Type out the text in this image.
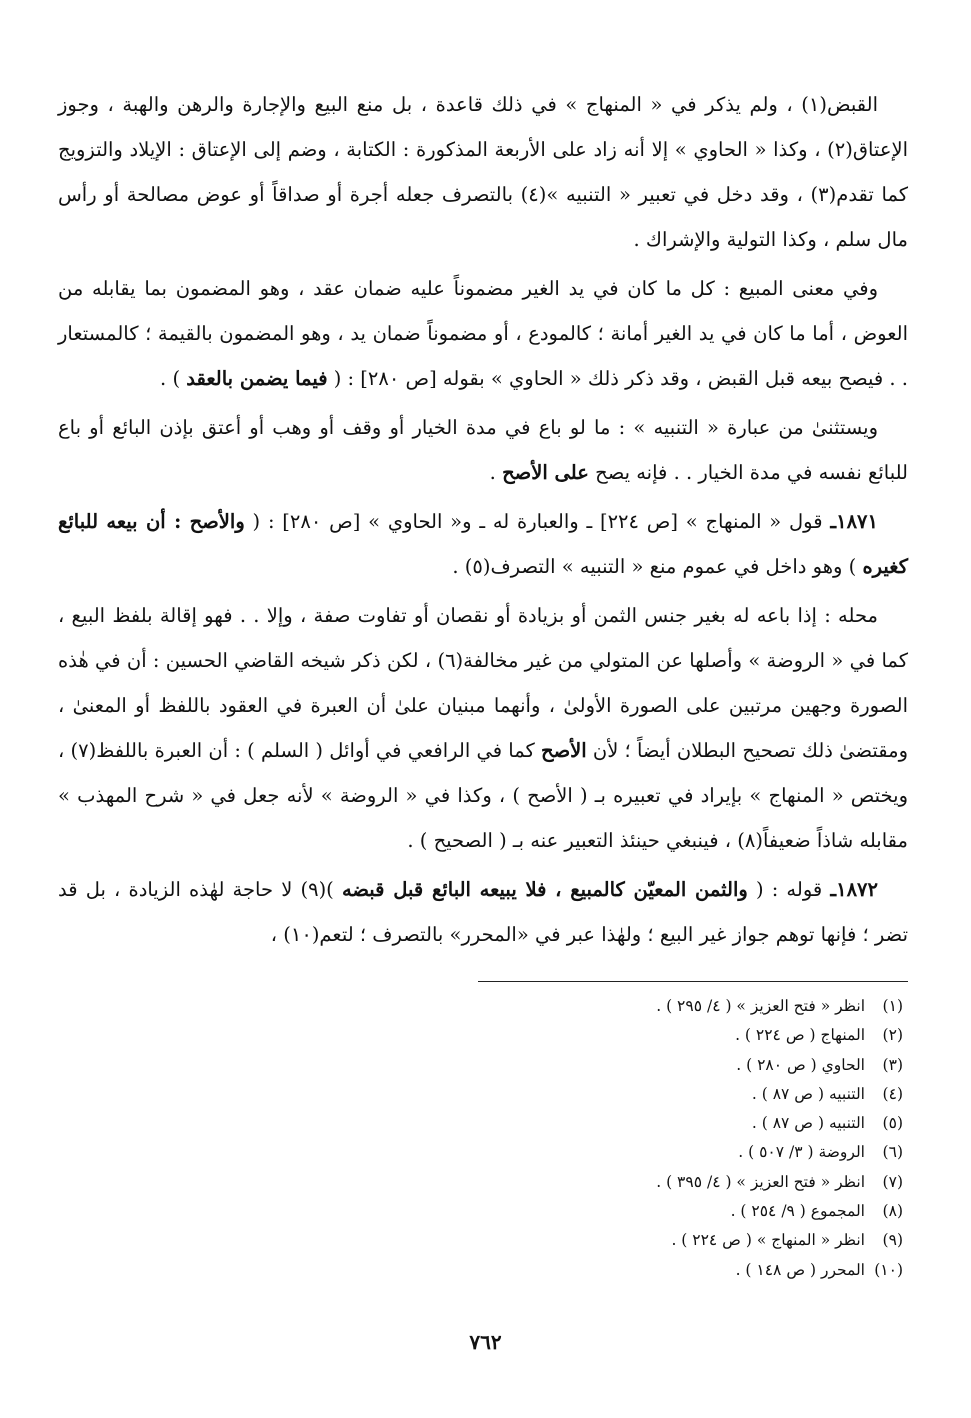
القبض(١) ، ولم يذكر في « المنهاج » في ذلك قاعدة ، بل منع البيع والإجارة والرهن والهبة ، وجوز الإعتاق(٢) ، وكذا « الحاوي » إلا أنه زاد على الأربعة المذكورة : الكتابة ، وضم إلى الإعتاق : الإيلاد والتزويج كما تقدم(٣) ، وقد دخل في تعبير « التنبيه »(٤) بالتصرف جعله أجرة أو صداقاً أو عوض مصالحة أو رأس مال سلم ، وكذا التولية والإشراك .

وفي معنى المبيع : كل ما كان في يد الغير مضموناً عليه ضمان عقد ، وهو المضمون بما يقابله من العوض ، أما ما كان في يد الغير أمانة ؛ كالمودع ، أو مضموناً ضمان يد ، وهو المضمون بالقيمة ؛ كالمستعار . . فيصح بيعه قبل القبض ، وقد ذكر ذلك « الحاوي » بقوله [ص ٢٨٠] : ( فيما يضمن بالعقد ) .

ويستثنىٰ من عبارة « التنبيه » : ما لو باع في مدة الخيار أو وقف أو وهب أو أعتق بإذن البائع أو باع للبائع نفسه في مدة الخيار . . فإنه يصح على الأصح .

١٨٧١ـ قول « المنهاج » [ص ٢٢٤] ـ والعبارة له ـ و« الحاوي » [ص ٢٨٠] : ( والأصح : أن بيعه للبائع كغيره ) وهو داخل في عموم منع « التنبيه » التصرف(٥) .

محله : إذا باعه له بغير جنس الثمن أو بزيادة أو نقصان أو تفاوت صفة ، وإلا . . فهو إقالة بلفظ البيع ، كما في « الروضة » وأصلها عن المتولي من غير مخالفة(٦) ، لكن ذكر شيخه القاضي الحسين : أن في هٰذه الصورة وجهين مرتبين على الصورة الأولىٰ ، وأنهما مبنيان علىٰ أن العبرة في العقود باللفظ أو المعنىٰ ، ومقتضىٰ ذلك تصحيح البطلان أيضاً ؛ لأن الأصح كما في الرافعي في أوائل ( السلم ) : أن العبرة باللفظ(٧) ، ويختص « المنهاج » بإيراد في تعبيره بـ ( الأصح ) ، وكذا في « الروضة » لأنه جعل في « شرح المهذب » مقابله شاذاً ضعيفاً(٨) ، فينبغي حينئذ التعبير عنه بـ ( الصحيح ) .

١٨٧٢ـ قوله : ( والثمن المعيّن كالمبيع ، فلا يبيعه البائع قبل قبضه )(٩) لا حاجة لهٰذه الزيادة ، بل قد تضر ؛ فإنها توهم جواز غير البيع ؛ ولهٰذا عبر في «المحرر» بالتصرف ؛ لتعم(١٠) ،

(١)انظر « فتح العزيز » ( ٤/ ٢٩٥ ) .
(٢)المنهاج ( ص ٢٢٤ ) .
(٣)الحاوي ( ص ٢٨٠ ) .
(٤)التنبيه ( ص ٨٧ ) .
(٥)التنبيه ( ص ٨٧ ) .
(٦)الروضة ( ٣/ ٥٠٧ ) .
(٧)انظر « فتح العزيز » ( ٤/ ٣٩٥ ) .
(٨)المجموع ( ٩/ ٢٥٤ ) .
(٩)انظر « المنهاج » ( ص ٢٢٤ ) .
(١٠)المحرر ( ص ١٤٨ ) .
٧٦٢
